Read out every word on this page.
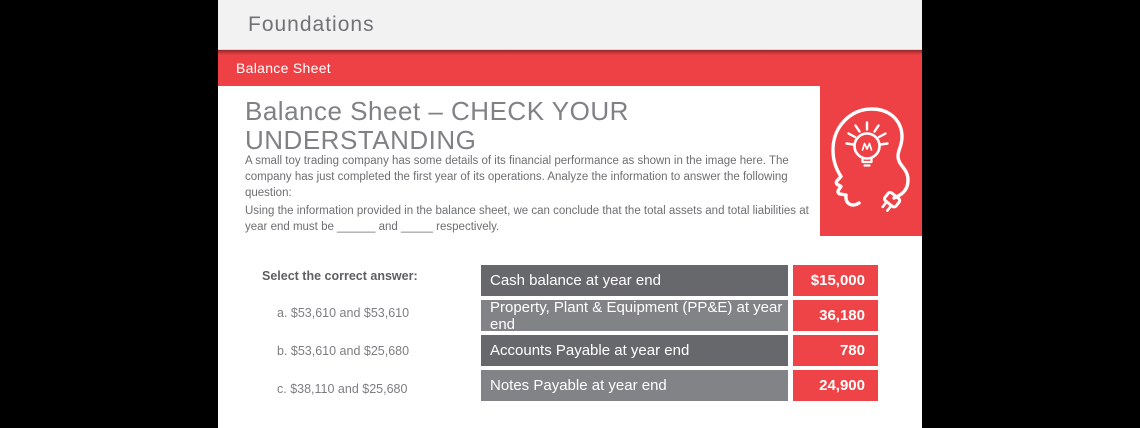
Foundations
Balance Sheet
Balance Sheet – CHECK YOUR UNDERSTANDING
A small toy trading company has some details of its financial performance as shown in the image here. The company has just completed the first year of its operations. Analyze the information to answer the following question:
Using the information provided in the balance sheet, we can conclude that the total assets and total liabilities at year end must be ______ and _____ respectively.
Select the correct answer:
a. $53,610 and $53,610
b. $53,610 and $25,680
c. $38,110 and $25,680
Cash balance at year end	$15,000
Property, Plant & Equipment (PP&E) at year end	36,180
Accounts Payable at year end	780
Notes Payable at year end	24,900
